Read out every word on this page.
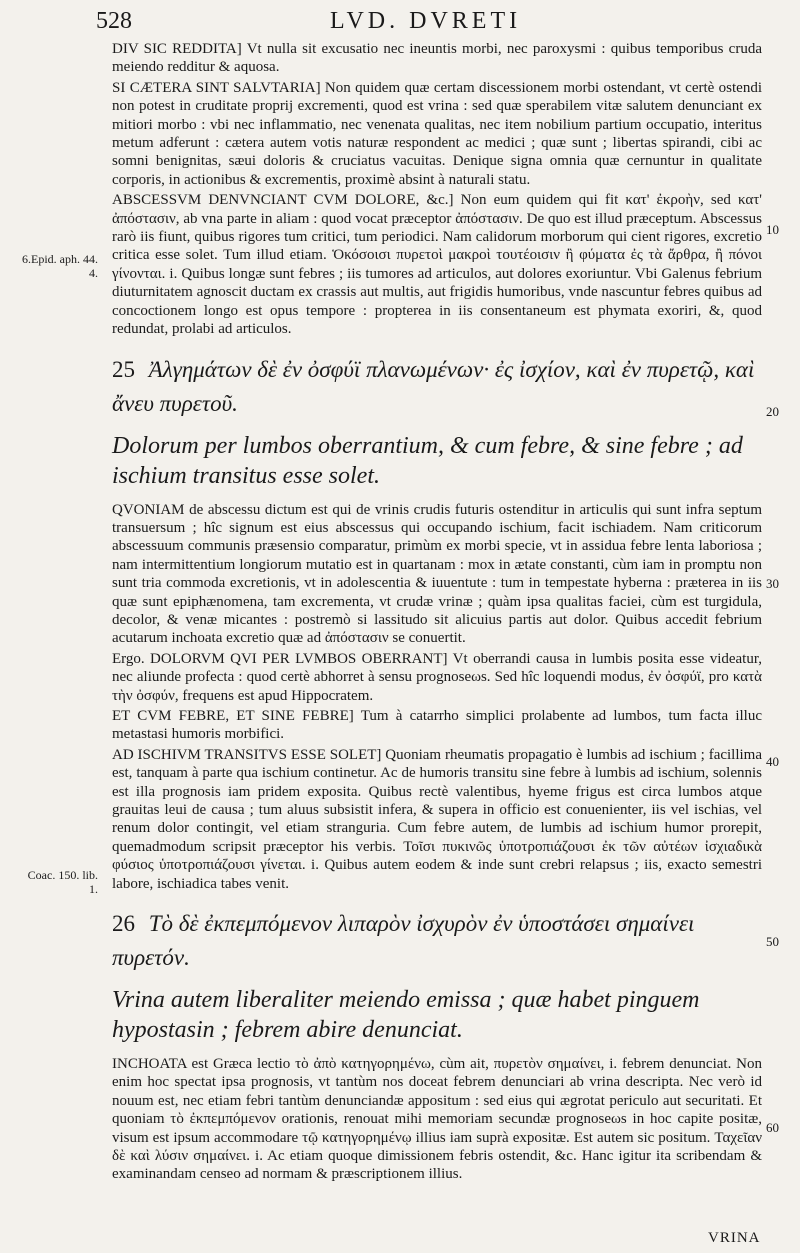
528	LVD. DVRETI
6.Epid. aph. 44. 4.
Coac. 150. lib. 1.
10
20
30
40
50
60

DIV SIC REDDITA] Vt nulla sit excusatio nec ineuntis morbi, nec paroxysmi : quibus temporibus cruda meiendo redditur & aquosa.

SI CÆTERA SINT SALVTARIA] Non quidem quæ certam discessionem morbi ostendant, vt certè ostendi non potest in cruditate proprij excrementi, quod est vrina : sed quæ sperabilem vitæ salutem denunciant ex mitiori morbo : vbi nec inflammatio, nec venenata qualitas, nec item nobilium partium occupatio, interitus metum adferunt : cætera autem votis naturæ respondent ac medici ; quæ sunt ; libertas spirandi, cibi ac somni benignitas, sæui doloris & cruciatus vacuitas. Denique signa omnia quæ cernuntur in qualitate corporis, in actionibus & excrementis, proximè absint à naturali statu.

ABSCESSVM DENVNCIANT CVM DOLORE, &c.] Non eum quidem qui fit κατ' ἐκροὴν, sed κατ' ἀπόστασιν, ab vna parte in aliam : quod vocat præceptor ἀπόστασιν. De quo est illud præceptum. Abscessus rarò iis fiunt, quibus rigores tum critici, tum periodici. Nam calidorum morborum qui cient rigores, excretio critica esse solet. Tum illud etiam. Ὁκόσοισι πυρετοὶ μακροὶ τουτέοισιν ἢ φύματα ἐς τὰ ἄρθρα, ἢ πόνοι γίνονται. i. Quibus longæ sunt febres ; iis tumores ad articulos, aut dolores exoriuntur. Vbi Galenus febrium diuturnitatem agnoscit ductam ex crassis aut multis, aut frigidis humoribus, vnde nascuntur febres quibus ad concoctionem longo est opus tempore : propterea in iis consentaneum est phymata exoriri, &, quod redundat, prolabi ad articulos.

25 Ἀλγημάτων δὲ ἐν ὀσφύϊ πλανωμένων· ἐς ἰσχίον, καὶ ἐν πυρετῷ, καὶ ἄνευ πυρετοῦ.
Dolorum per lumbos oberrantium, & cum febre, & sine febre ; ad ischium transitus esse solet.

QVONIAM de abscessu dictum est qui de vrinis crudis futuris ostenditur in articulis qui sunt infra septum transuersum ; hîc signum est eius abscessus qui occupando ischium, facit ischiadem. Nam criticorum abscessuum communis præsensio comparatur, primùm ex morbi specie, vt in assidua febre lenta laboriosa ; nam intermittentium longiorum mutatio est in quartanam : mox in ætate constanti, cùm iam in promptu non sunt tria commoda excretionis, vt in adolescentia & iuuentute : tum in tempestate hyberna : præterea in iis quæ sunt epiphænomena, tam excrementa, vt crudæ vrinæ ; quàm ipsa qualitas faciei, cùm est turgidula, decolor, & venæ micantes : postremò si lassitudo sit alicuius partis aut dolor. Quibus accedit febrium acutarum inchoata excretio quæ ad ἀπόστασιν se conuertit.

Ergo. DOLORVM QVI PER LVMBOS OBERRANT] Vt oberrandi causa in lumbis posita esse videatur, nec aliunde profecta : quod certè abhorret à sensu prognoseωs. Sed hîc loquendi modus, ἐν ὀσφύϊ, pro κατὰ τὴν ὀσφύν, frequens est apud Hippocratem.

ET CVM FEBRE, ET SINE FEBRE] Tum à catarrho simplici prolabente ad lumbos, tum facta illuc metastasi humoris morbifici.

AD ISCHIVM TRANSITVS ESSE SOLET] Quoniam rheumatis propagatio è lumbis ad ischium ; facillima est, tanquam à parte qua ischium continetur. Ac de humoris transitu sine febre à lumbis ad ischium, solennis est illa prognosis iam pridem exposita. Quibus rectè valentibus, hyeme frigus est circa lumbos atque grauitas leui de causa ; tum aluus subsistit infera, & supera in officio est conuenienter, iis vel ischias, vel renum dolor contingit, vel etiam stranguria. Cum febre autem, de lumbis ad ischium humor prorepit, quemadmodum scripsit præceptor his verbis. Τοῖσι πυκινῶς ὑποτροπιάζουσι ἐκ τῶν αὐτέων ἰσχιαδικὰ φύσιος ὑποτροπιάζουσι γίνεται. i. Quibus autem eodem & inde sunt crebri relapsus ; iis, exacto semestri labore, ischiadica tabes venit.

26 Τὸ δὲ ἐκπεμπόμενον λιπαρὸν ἰσχυρὸν ἐν ὑποστάσει σημαίνει πυρετόν.
Vrina autem liberaliter meiendo emissa ; quæ habet pinguem hypostasin ; febrem abire denunciat.

INCHOATA est Græca lectio τὸ ἀπὸ κατηγορημένω, cùm ait, πυρετὸν σημαίνει, i. febrem denunciat. Non enim hoc spectat ipsa prognosis, vt tantùm nos doceat febrem denunciari ab vrina descripta. Nec verò id nouum est, nec etiam febri tantùm denunciandæ appositum : sed eius qui ægrotat periculo aut securitati. Et quoniam τὸ ἐκπεμπόμενον orationis, renouat mihi memoriam secundæ prognoseωs in hoc capite positæ, visum est ipsum accommodare τῷ κατηγορημένῳ illius iam suprà expositæ. Est autem sic positum. Ταχεῖαν δὲ καὶ λύσιν σημαίνει. i. Ac etiam quoque dimissionem febris ostendit, &c. Hanc igitur ita scribendam & examinandam censeo ad normam & præscriptionem illius.

VRINA
